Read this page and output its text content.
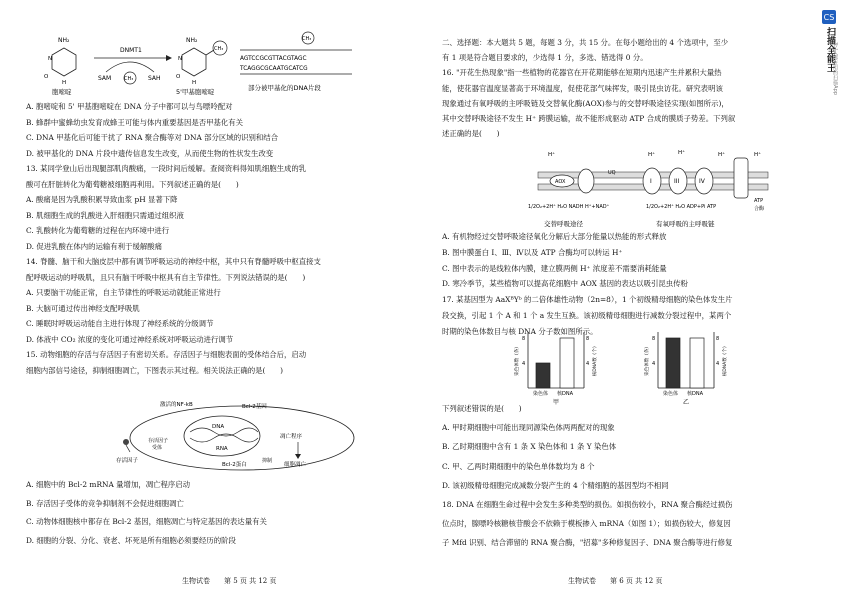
NH₂
N
O
H
胞嘧啶
DNMT1
SAM	SAH
CH₃
NH₂
CH₃
N
O
H
5'甲基胞嘧啶
CH₃
AGTCCGCGTTACGTAGC
TCAGGCGCAATGCATCG
部分被甲基化的DNA片段
A. 胞嘧啶和 5' 甲基胞嘧啶在 DNA 分子中都可以与鸟嘌呤配对
B. 蜂群中蜜蜂幼虫发育成蜂王可能与体内重要基因是否甲基化有关
C. DNA 甲基化后可能干扰了 RNA 聚合酶等对 DNA 部分区域的识别和结合
D. 被甲基化的 DNA 片段中遗传信息发生改变，从而使生物的性状发生改变
13. 某同学登山后出现腿部肌肉酸痛，一段时间后缓解。查阅资料得知肌细胞生成的乳
酸可在肝脏转化为葡萄糖被细胞再利用。下列叙述正确的是(　　)
A. 酸痛是因为乳酸积累导致血浆 pH 显著下降
B. 肌细胞生成的乳酸进入肝细胞只需通过组织液
C. 乳酸转化为葡萄糖的过程在内环境中进行
D. 促进乳酸在体内的运输有利于缓解酸痛
14. 脊髓、脑干和大脑皮层中都有调节呼吸运动的神经中枢，其中只有脊髓呼吸中枢直接支
配呼吸运动的呼吸肌，且只有脑干呼吸中枢具有自主节律性。下列说法错误的是(　　)
A. 只要脑干功能正常，自主节律性的呼吸运动就能正常进行
B. 大脑可通过传出神经支配呼吸肌
C. 睡眠时呼吸运动能自主进行体现了神经系统的分级调节
D. 体液中 CO₂ 浓度的变化可通过神经系统对呼吸运动进行调节
15. 动物细胞的存活与存活因子有密切关系。存活因子与细胞表面的受体结合后，启动
细胞内部信号途径，抑制细胞凋亡，下图表示其过程。相关说法正确的是(　　)
激活的NF-kB	Bcl-2基因
DNA
RNA
存活因子
受体
Bcl-2蛋白
抑制
凋亡程序
细胞凋亡
存活因子
A. 细胞中的 Bcl-2 mRNA 量增加，凋亡程序启动
B. 存活因子受体的竞争抑制剂不会促进细胞凋亡
C. 动物体细胞核中都存在 Bcl-2 基因，细胞凋亡与特定基因的表达量有关
D. 细胞的分裂、分化、衰老、坏死是所有细胞必须要经历的阶段
生物试卷　　第 5 页 共 12 页
二、选择题：本大题共 5 题，每题 3 分，共 15 分。在每小题给出的 4 个选项中，至少
有 1 项是符合题目要求的，少选得 1 分，多选、错选得 0 分。
16. "开花生热现象"指一些植物的花器官在开花期能够在短期内迅速产生并累积大量热
能，使花器官温度显著高于环境温度，促使花部气味挥发，吸引昆虫访花。研究表明该
现象通过有氧呼吸的主呼吸链及交替氧化酶(AOX)参与的交替呼吸途径实现(如图所示)，
其中交替呼吸途径不发生 H⁺ 跨膜运输，故不能形成驱动 ATP 合成的膜质子势差。下列叙
述正确的是(　　)
AOX
UQ
I	III	IV
H⁺	H⁺	H⁺	H⁺	H⁺
ATP
合酶
1/2O₂+2H⁺ H₂O NADH H⁺+NAD⁺	1/2O₂+2H⁺ H₂O ADP+Pi ATP
交替呼吸途径	有氧呼吸的主呼吸链
A. 有机物经过交替呼吸途径氧化分解后大部分能量以热能的形式释放
B. 图中膜蛋白 Ⅰ、Ⅲ、Ⅳ以及 ATP 合酶均可以转运 H⁺
C. 图中表示的是线粒体内膜，建立膜两侧 H⁺ 浓度差不需要消耗能量
D. 寒冷季节，某些植物可以提高花细胞中 AOX 基因的表达以吸引昆虫传粉
17. 某基因型为 AaXᴮYᵇ 的二倍体雄性动物（2n=8），1 个初级精母细胞的染色体发生片
段交换，引起 1 个 A 和 1 个 a 发生互换。该初级精母细胞进行减数分裂过程中，某两个
时期的染色体数目与核 DNA 分子数如图所示。
8	8
4	4
染色体 核DNA
染色体数（条）	核DNA数（个）
甲
8	8
4	4
染色体 核DNA
染色体数（条）	核DNA数（个）
乙
下列叙述错误的是(　　)
A. 甲时期细胞中可能出现同源染色体两两配对的现象
B. 乙时期细胞中含有 1 条 X 染色体和 1 条 Y 染色体
C. 甲、乙两时期细胞中的染色单体数均为 8 个
D. 该初级精母细胞完成减数分裂产生的 4 个精细胞的基因型均不相同
18. DNA 在细胞生命过程中会发生多种类型的损伤。如损伤较小，RNA 聚合酶经过损伤
位点时，腺嘌呤核糖核苷酸会不依赖于模板掺入 mRNA（如图 1）；如损伤较大，修复因
子 Mfd 识别、结合滞留的 RNA 聚合酶，"招募"多种修复因子、DNA 聚合酶等进行修复
生物试卷　　第 6 页 共 12 页
CS
扫描全能王
3亿人都在用的扫描App
